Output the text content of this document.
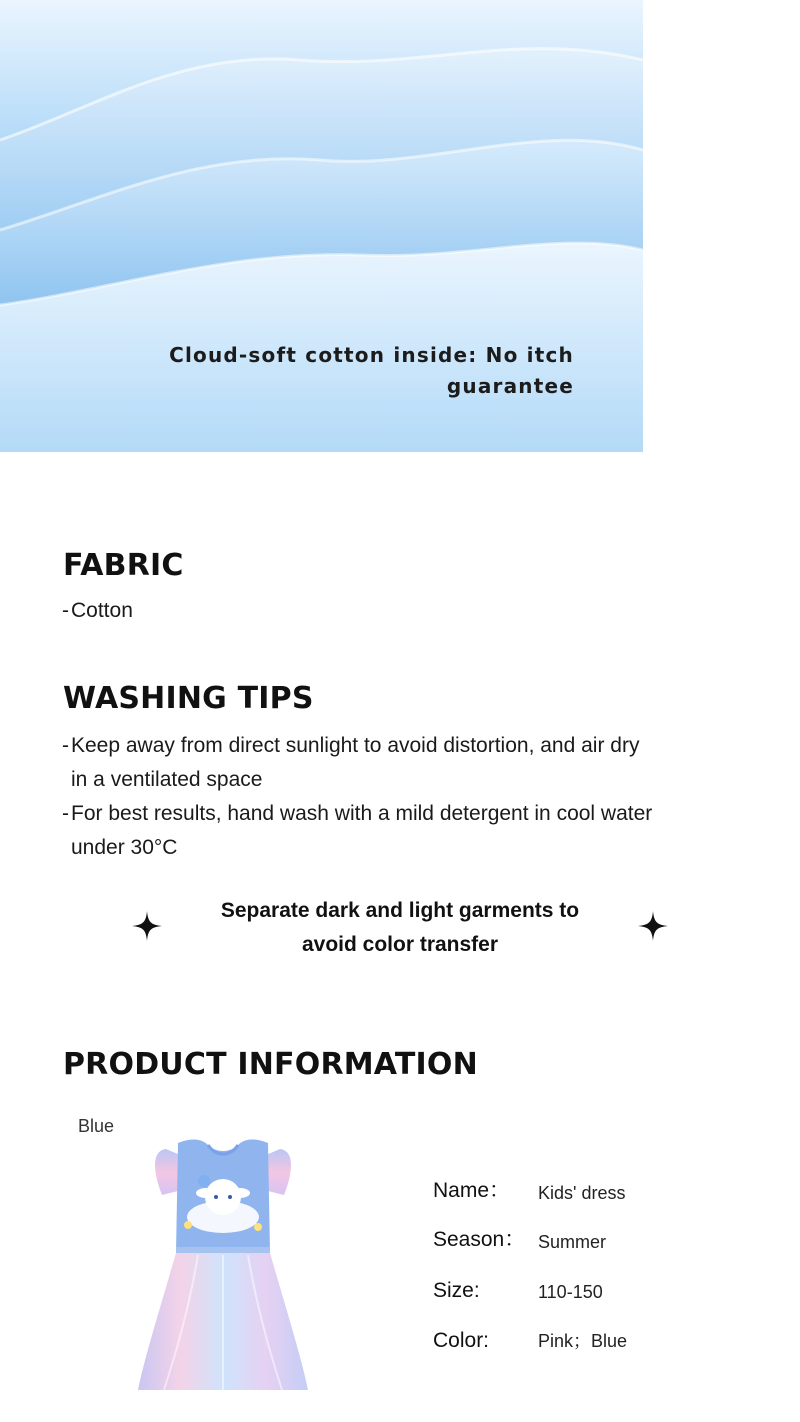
Cloud-soft cotton inside: No itch
guarantee
FABRIC
-Cotton
WASHING TIPS
-Keep away from direct sunlight to avoid distortion, and air dry
in a ventilated space
-For best results, hand wash with a mild detergent in cool water
under 30°C
Separate dark and light garments to
avoid color transfer
PRODUCT INFORMATION
Blue
Name： Kids' dress
Season： Summer
Size:	110-150
Color:	Pink；Blue
